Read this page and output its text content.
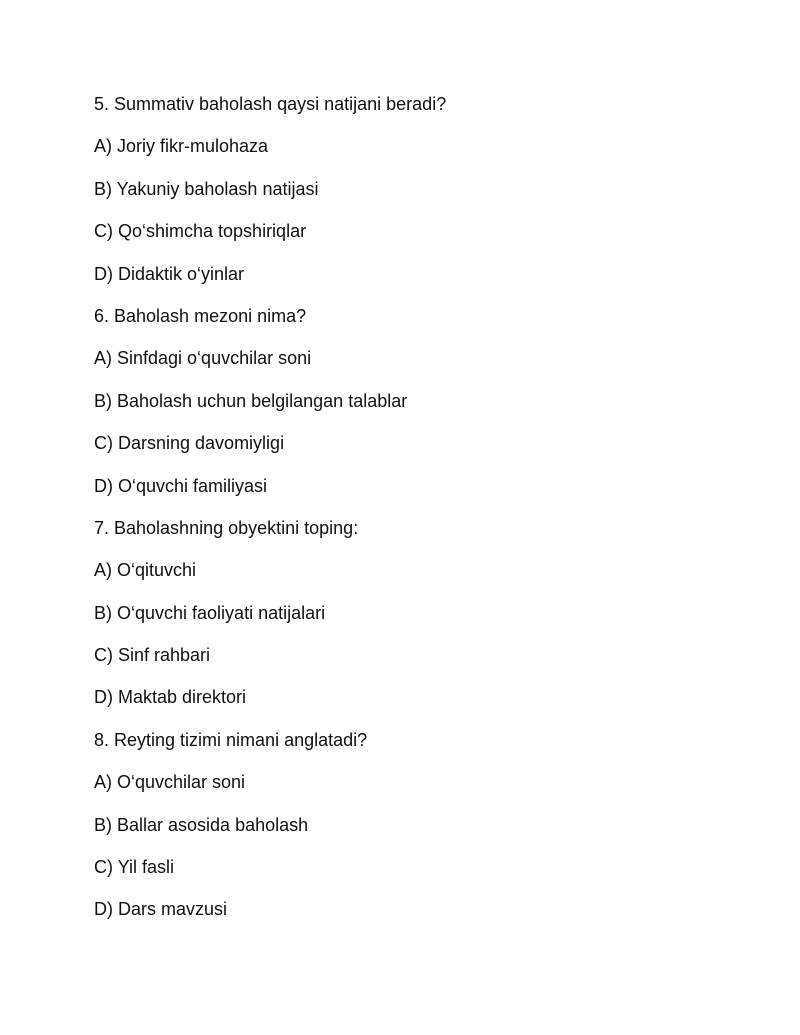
5. Summativ baholash qaysi natijani beradi?
A) Joriy fikr-mulohaza
B) Yakuniy baholash natijasi
C) Qo‘shimcha topshiriqlar
D) Didaktik o‘yinlar
6. Baholash mezoni nima?
A) Sinfdagi o‘quvchilar soni
B) Baholash uchun belgilangan talablar
C) Darsning davomiyligi
D) O‘quvchi familiyasi
7. Baholashning obyektini toping:
A) O‘qituvchi
B) O‘quvchi faoliyati natijalari
C) Sinf rahbari
D) Maktab direktori
8. Reyting tizimi nimani anglatadi?
A) O‘quvchilar soni
B) Ballar asosida baholash
C) Yil fasli
D) Dars mavzusi
